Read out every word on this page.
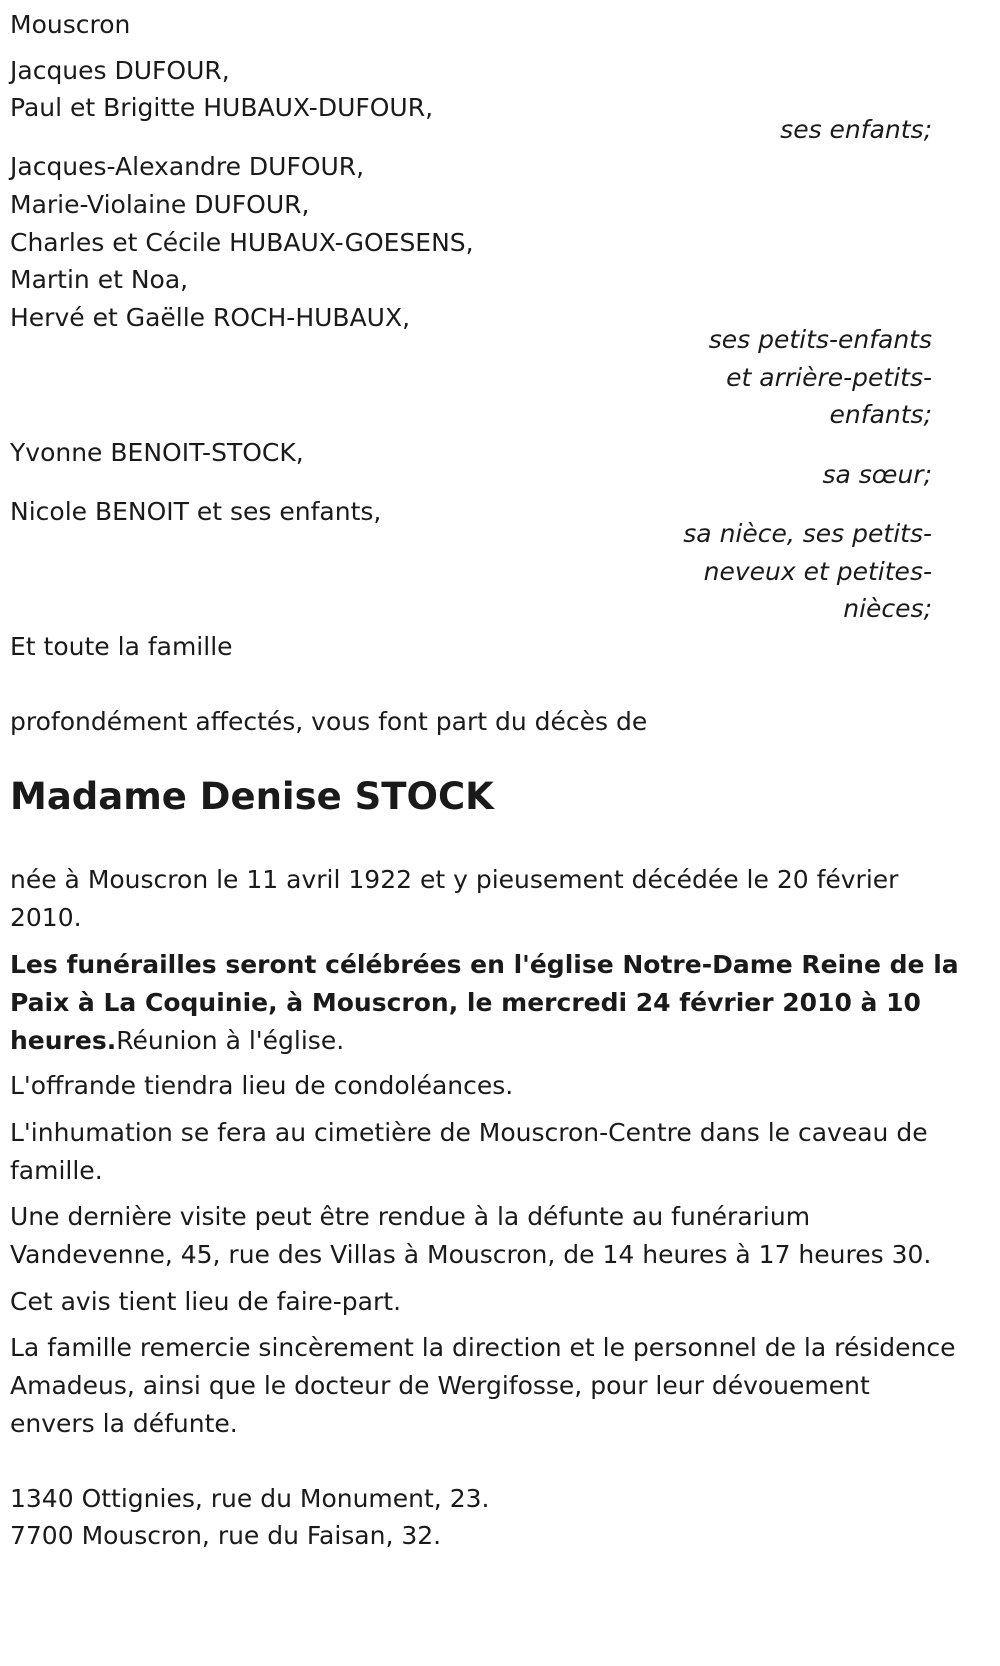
Mouscron
Jacques DUFOUR,
Paul et Brigitte HUBAUX-DUFOUR,
ses enfants;
Jacques-Alexandre DUFOUR,
Marie-Violaine DUFOUR,
Charles et Cécile HUBAUX-GOESENS,
Martin et Noa,
Hervé et Gaëlle ROCH-HUBAUX,
ses petits-enfants
et arrière-petits-
enfants;
Yvonne BENOIT-STOCK,
sa sœur;
Nicole BENOIT et ses enfants,
sa nièce, ses petits-
neveux et petites-
nièces;
Et toute la famille
profondément affectés, vous font part du décès de
Madame Denise STOCK
née à Mouscron le 11 avril 1922 et y pieusement décédée le 20 février 2010.
Les funérailles seront célébrées en l'église Notre-Dame Reine de la Paix à La Coquinie, à Mouscron, le mercredi 24 février 2010 à 10 heures.Réunion à l'église.
L'offrande tiendra lieu de condoléances.
L'inhumation se fera au cimetière de Mouscron-Centre dans le caveau de famille.
Une dernière visite peut être rendue à la défunte au funérarium Vandevenne, 45, rue des Villas à Mouscron, de 14 heures à 17 heures 30.
Cet avis tient lieu de faire-part.
La famille remercie sincèrement la direction et le personnel de la résidence Amadeus, ainsi que le docteur de Wergifosse, pour leur dévouement envers la défunte.
1340 Ottignies, rue du Monument, 23.
7700 Mouscron, rue du Faisan, 32.
